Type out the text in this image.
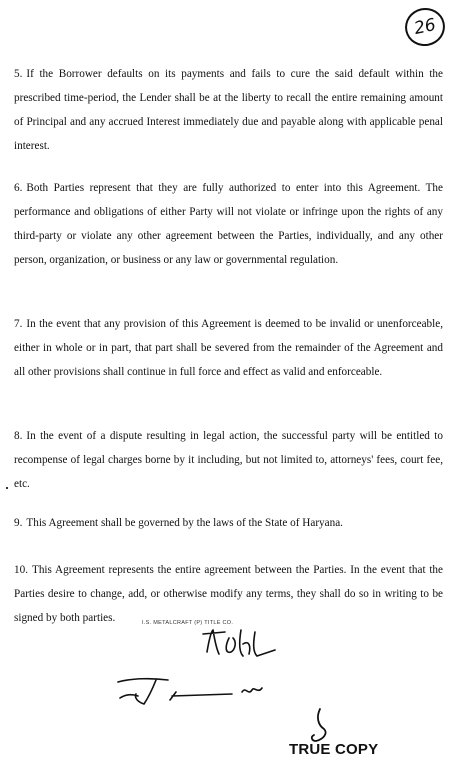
26
5. If the Borrower defaults on its payments and fails to cure the said default within the prescribed time-period, the Lender shall be at the liberty to recall the entire remaining amount of Principal and any accrued Interest immediately due and payable along with applicable penal interest.
6. Both Parties represent that they are fully authorized to enter into this Agreement. The performance and obligations of either Party will not violate or infringe upon the rights of any third-party or violate any other agreement between the Parties, individually, and any other person, organization, or business or any law or governmental regulation.
7. In the event that any provision of this Agreement is deemed to be invalid or unenforceable, either in whole or in part, that part shall be severed from the remainder of the Agreement and all other provisions shall continue in full force and effect as valid and enforceable.
8. In the event of a dispute resulting in legal action, the successful party will be entitled to recompense of legal charges borne by it including, but not limited to, attorneys' fees, court fee, etc.
9. This Agreement shall be governed by the laws of the State of Haryana.
10. This Agreement represents the entire agreement between the Parties. In the event that the Parties desire to change, add, or otherwise modify any terms, they shall do so in writing to be signed by both parties.	I.S. METALCRAFT (P) TITLE CO.
TRUE COPY
